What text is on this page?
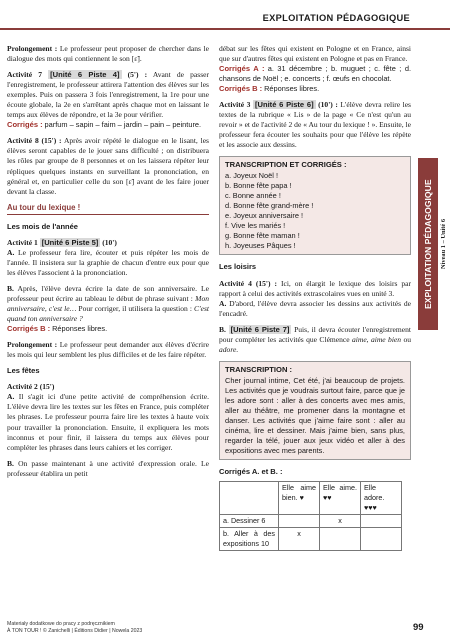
EXPLOITATION PÉDAGOGIQUE

Prolongement : Le professeur peut proposer de chercher dans le dialogue des mots qui contiennent le son [ɛ̃].

Activité 7 [Unité 6 Piste 4] (5') : Avant de passer l'enregistrement, le professeur attirera l'attention des élèves sur les exemples. Puis on passera 3 fois l'enregistrement, la 1re pour une écoute globale, la 2e en s'arrêtant après chaque mot en laissant le temps aux élèves de répondre, et la 3e pour vérifier.
Corrigés : parfum – sapin – faim – jardin – pain – peinture.

Activité 8 (15') : Après avoir répété le dialogue en le lisant, les élèves seront capables de le jouer sans difficulté ; on distribuera les rôles par groupe de 8 personnes et on les laissera répéter leur répliques quelques instants en surveillant la prononciation, en général et, en particulier celle du son [ɛ̃] avant de les faire jouer devant la classe.

Au tour du lexique !

Les mois de l'année

Activité 1 [Unité 6 Piste 5] (10')
A. Le professeur fera lire, écouter et puis répéter les mois de l'année. Il insistera sur la graphie de chacun d'entre eux pour que les élèves l'associent à la prononciation.

B. Après, l'élève devra écrire la date de son anniversaire. Le professeur peut écrire au tableau le début de phrase suivant : Mon anniversaire, c'est le… Pour corriger, il utilisera la question : C'est quand ton anniversaire ?
Corrigés B : Réponses libres.

Prolongement : Le professeur peut demander aux élèves d'écrire les mois qui leur semblent les plus difficiles et de les faire répéter.

Les fêtes

Activité 2 (15')
A. Il s'agit ici d'une petite activité de compréhension écrite. L'élève devra lire les textes sur les fêtes en France, puis compléter les phrases. Le professeur pourra faire lire les textes à haute voix pour travailler la prononciation. Ensuite, il expliquera les mots inconnus et pour finir, il laissera du temps aux élèves pour compléter les phrases dans leurs cahiers et les corriger.

B. On passe maintenant à une activité d'expression orale. Le professeur établira un petit

débat sur les fêtes qui existent en Pologne et en France, ainsi que sur d'autres fêtes qui existent en Pologne et pas en France.
Corrigés A : a. 31 décembre ; b. muguet ; c. fête ; d. chansons de Noël ; e. concerts ; f. œufs en chocolat.
Corrigés B : Réponses libres.

Activité 3 [Unité 6 Piste 6] (10') : L'élève devra relire les textes de la rubrique « Lis » de la page « Ce n'est qu'un au revoir » et de l'activité 2 de « Au tour du lexique ! ». Ensuite, le professeur fera écouter les souhaits pour que l'élève les répète et les associe aux dessins.

TRANSCRIPTION ET CORRIGÉS :
a. Joyeux Noël !
b. Bonne fête papa !
c. Bonne année !
d. Bonne fête grand-mère !
e. Joyeux anniversaire !
f. Vive les mariés !
g. Bonne fête maman !
h. Joyeuses Pâques !

Les loisirs

Activité 4 (15') : Ici, on élargit le lexique des loisirs par rapport à celui des activités extrascolaires vues en unité 3.
A. D'abord, l'élève devra associer les dessins aux activités de l'encadré.

B. [Unité 6 Piste 7] Puis, il devra écouter l'enregistrement pour compléter les activités que Clémence aime, aime bien ou adore.

TRANSCRIPTION :
Cher journal intime, Cet été, j'ai beaucoup de projets. Les activités que je voudrais surtout faire, parce que je les adore sont : aller à des concerts avec mes amis, aller au théâtre, me promener dans la montagne et danser. Les activités que j'aime faire sont : aller au cinéma, lire et dessiner. Mais j'aime bien, sans plus, regarder la télé, jouer aux jeux vidéo et aller à des expositions avec mes parents.
Corrigés A. et B. :
	Elle aime bien. ♥	Elle aime. ♥♥	Elle adore. ♥♥♥
a. Dessiner 6		x	
b. Aller à des expositions 10	x		
EXPLOITATION PÉDAGOGIQUE	Niveau 1 – Unité 6
Materiały dodatkowe do pracy z podręcznikiem
À TON TOUR ! © Zanichelli | Éditions Didier | Nowela 2023	99
